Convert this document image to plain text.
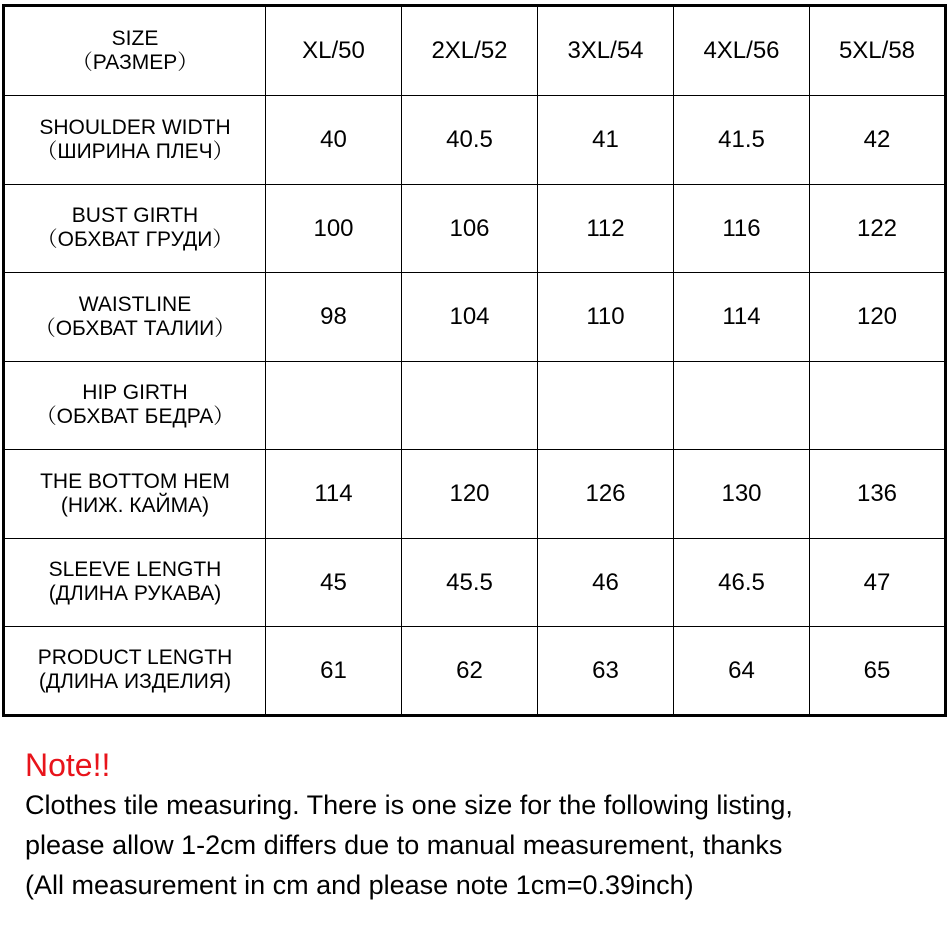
SIZE
（РАЗМЕР）	XL/50	2XL/52	3XL/54	4XL/56	5XL/58

SHOULDER WIDTH
（ШИРИНА ПЛЕЧ）	40	40.5	41	41.5	42

BUST GIRTH
（ОБХВАТ ГРУДИ）	100	106	112	116	122

WAISTLINE
（ОБХВАТ ТАЛИИ）	98	104	110	114	120

HIP GIRTH
（ОБХВАТ БЕДРА）					

THE BOTTOM HEM
(НИЖ. КАЙМА)	114	120	126	130	136

SLEEVE LENGTH
(ДЛИНА РУКАВА)	45	45.5	46	46.5	47

PRODUCT LENGTH
(ДЛИНА ИЗДЕЛИЯ)	61	62	63	64	65

Note!!

Clothes tile measuring. There is one size for the following listing,

please allow 1-2cm differs due to manual measurement, thanks

(All measurement in cm and please note 1cm=0.39inch)
